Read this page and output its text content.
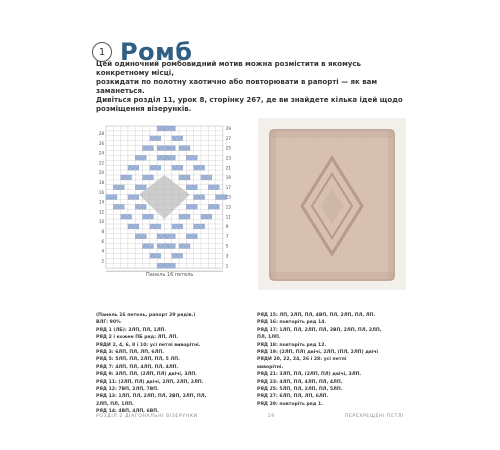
1 Ромб

Цей одиночний ромбовидний мотив можна розмістити в якомусь конкретному місці,

розкидати по полотну хаотично або повторювати в рапорті — як вам заманеться.

Дивіться розділ 11, урок 8, сторінку 267, де ви знайдете кілька ідей щодо

розміщення візерунків.

29
27
25
23
21
19
17
15
13
11
9
7
5
3
1
28
26
24
22
20
18
16
14
12
10
8
6
4
2
Панель 16 петель
(Панель 16 петель, рапорт 29 рядів.)
ВЛГ: 90%
РЯД 1 (ЛБ): 2ЛП, ПЛ, 1ЛП.
РЯД 2 і кожен ПБ ряд: ЛП, ЛП.
РЯДИ 2, 4, 6, 8 і 10: усі петлі виворітні.
РЯД 3: 6ЛП, ПЛ, ЛП, 6ЛП.
РЯД 5: 5ЛП, ПЛ, 2ЛП, ПЛ, 5 ЛП.
РЯД 7: 4ЛП, ПЛ, 4ЛП, ПЛ, 4ЛП.
РЯД 9: 3ЛП, ПЛ, (2ЛП, ПЛ) двічі, 3ЛП.
РЯД 11: (2ЛП, ПЛ) двічі, 2ЛП, 2ЛП, 2ЛП.
РЯД 12: 7ВП, 2ЛП, 7ВП.
РЯД 13: 1ЛП, ПЛ, 2ЛП, ПЛ, 2ВП, 2ЛП, ПЛ,
2ЛП, ПЛ, 1ЛП.
РЯД 14: 4ВП, 4ЛП, 6ВП.
РЯД 15: ЛП, 2ЛП, ПЛ, 4ВП, ПЛ, 2ЛП, ПЛ, ЛП.
РЯД 16: повторіть ряд 14.
РЯД 17: 1ЛП, ПЛ, 2ЛП, ПЛ, 2ВП, 2ЛП, ПЛ, 2ЛП,
ПЛ, 1ЛП.
РЯД 18: повторіть ряд 12.
РЯД 19: (2ЛП, ПЛ) двічі, 2ЛП, (ПЛ, 2ЛП) двічі
РЯДИ 20, 22, 24, 26 і 28: усі петлі
виворітні.
РЯД 21: 3ЛП, ПЛ, (2ЛП, ПЛ) двічі, 3ЛП.
РЯД 23: 4ЛП, ПЛ, 4ЛП, ПЛ, 4ЛП.
РЯД 25: 5ЛП, ПЛ, 2ЛП, ПЛ, 5ЛП.
РЯД 27: 6ЛП, ПЛ, ЛП, 6ЛП.
РЯД 29: повторіть ряд 1.
РОЗДІЛ 2 ДІАГОНАЛЬНІ ВІЗЕРУНКИ	19	ПЕРЕХРЕЩЕНІ ПЕТЛІ
